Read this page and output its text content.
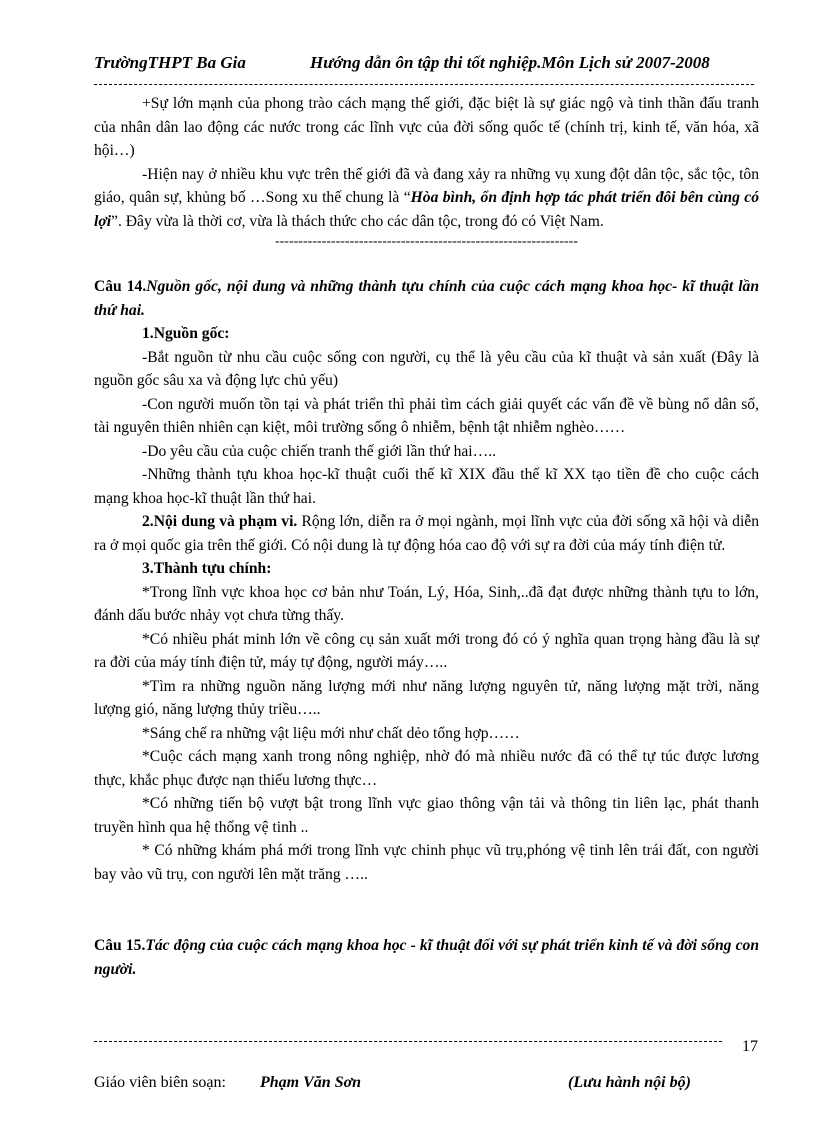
TrườngTHPT Ba Gia	Hướng dẫn ôn tập thi tốt nghiệp.Môn Lịch sử 2007-2008

+Sự lớn mạnh của phong trào cách mạng thế giới, đặc biệt là sự giác ngộ và tinh thần đấu tranh của nhân dân lao động các nước trong các lĩnh vực của đời sống quốc tế (chính trị, kinh tế, văn hóa, xã hội…)

-Hiện nay ở nhiều khu vực trên thế giới đã và đang xảy ra những vụ xung đột dân tộc, sắc tộc, tôn giáo, quân sự, khủng bố …Song xu thế chung là “Hòa bình, ổn định hợp tác phát triển đôi bên cùng có lợi”. Đây vừa là thời cơ, vừa là thách thức cho các dân tộc, trong đó có Việt Nam.

-----------------------------------------------------------------

Câu 14.Nguồn gốc, nội dung và những thành tựu chính của cuộc cách mạng khoa học- kĩ thuật lần thứ hai.

1.Nguồn gốc:

-Bắt nguồn từ nhu cầu cuộc sống con người, cụ thể là yêu cầu của kĩ thuật và sản xuất (Đây là nguồn gốc sâu xa và động lực chủ yếu)

-Con người muốn tồn tại và phát triển thì phải tìm cách giải quyết các vấn đề về bùng nổ dân số, tài nguyên thiên nhiên cạn kiệt, môi trường sống ô nhiễm, bệnh tật nhiễm nghèo……

-Do yêu cầu của cuộc chiến tranh thế giới lần thứ hai…..

-Những thành tựu khoa học-kĩ thuật cuối thế kĩ XIX đầu thế kĩ XX tạo tiền đề cho cuộc cách mạng khoa học-kĩ thuật lần thứ hai.

2.Nội dung và phạm vi. Rộng lớn, diễn ra ở mọi ngành, mọi lĩnh vực của đời sống xã hội và diễn ra ở mọi quốc gia trên thế giới. Có nội dung là tự động hóa cao độ với sự ra đời của máy tính điện tử.

3.Thành tựu chính:

*Trong lĩnh vực khoa học cơ bản như Toán, Lý, Hóa, Sinh,..đã đạt được những thành tựu to lớn, đánh dấu bước nhảy vọt chưa từng thấy.

*Có nhiều phát minh lớn về công cụ sản xuất mới trong đó có ý nghĩa quan trọng hàng đầu là sự ra đời của máy tính điện tử, máy tự động, người máy…..

*Tìm ra những nguồn năng lượng mới như năng lượng nguyên tử, năng lượng mặt trời, năng lượng gió, năng lượng thủy triều…..

*Sáng chế ra những vật liệu mới như chất dẻo tổng hợp……

*Cuộc cách mạng xanh trong nông nghiệp, nhờ đó mà nhiều nước đã có thể tự túc được lương thực, khắc phục được nạn thiếu lương thực…

*Có những tiến bộ vượt bật trong lĩnh vực giao thông vận tải và thông tin liên lạc, phát thanh truyền hình qua hệ thống vệ tinh ..

* Có những khám phá mới trong lĩnh vực chinh phục vũ trụ,phóng vệ tinh lên trái đất, con người bay vào vũ trụ, con người lên mặt trăng …..

Câu 15.Tác động của cuộc cách mạng khoa học - kĩ thuật đối với sự phát triển kinh tế và đời sống con người.

17
Giáo viên biên soạn: Phạm Văn Sơn	(Lưu hành nội bộ)
